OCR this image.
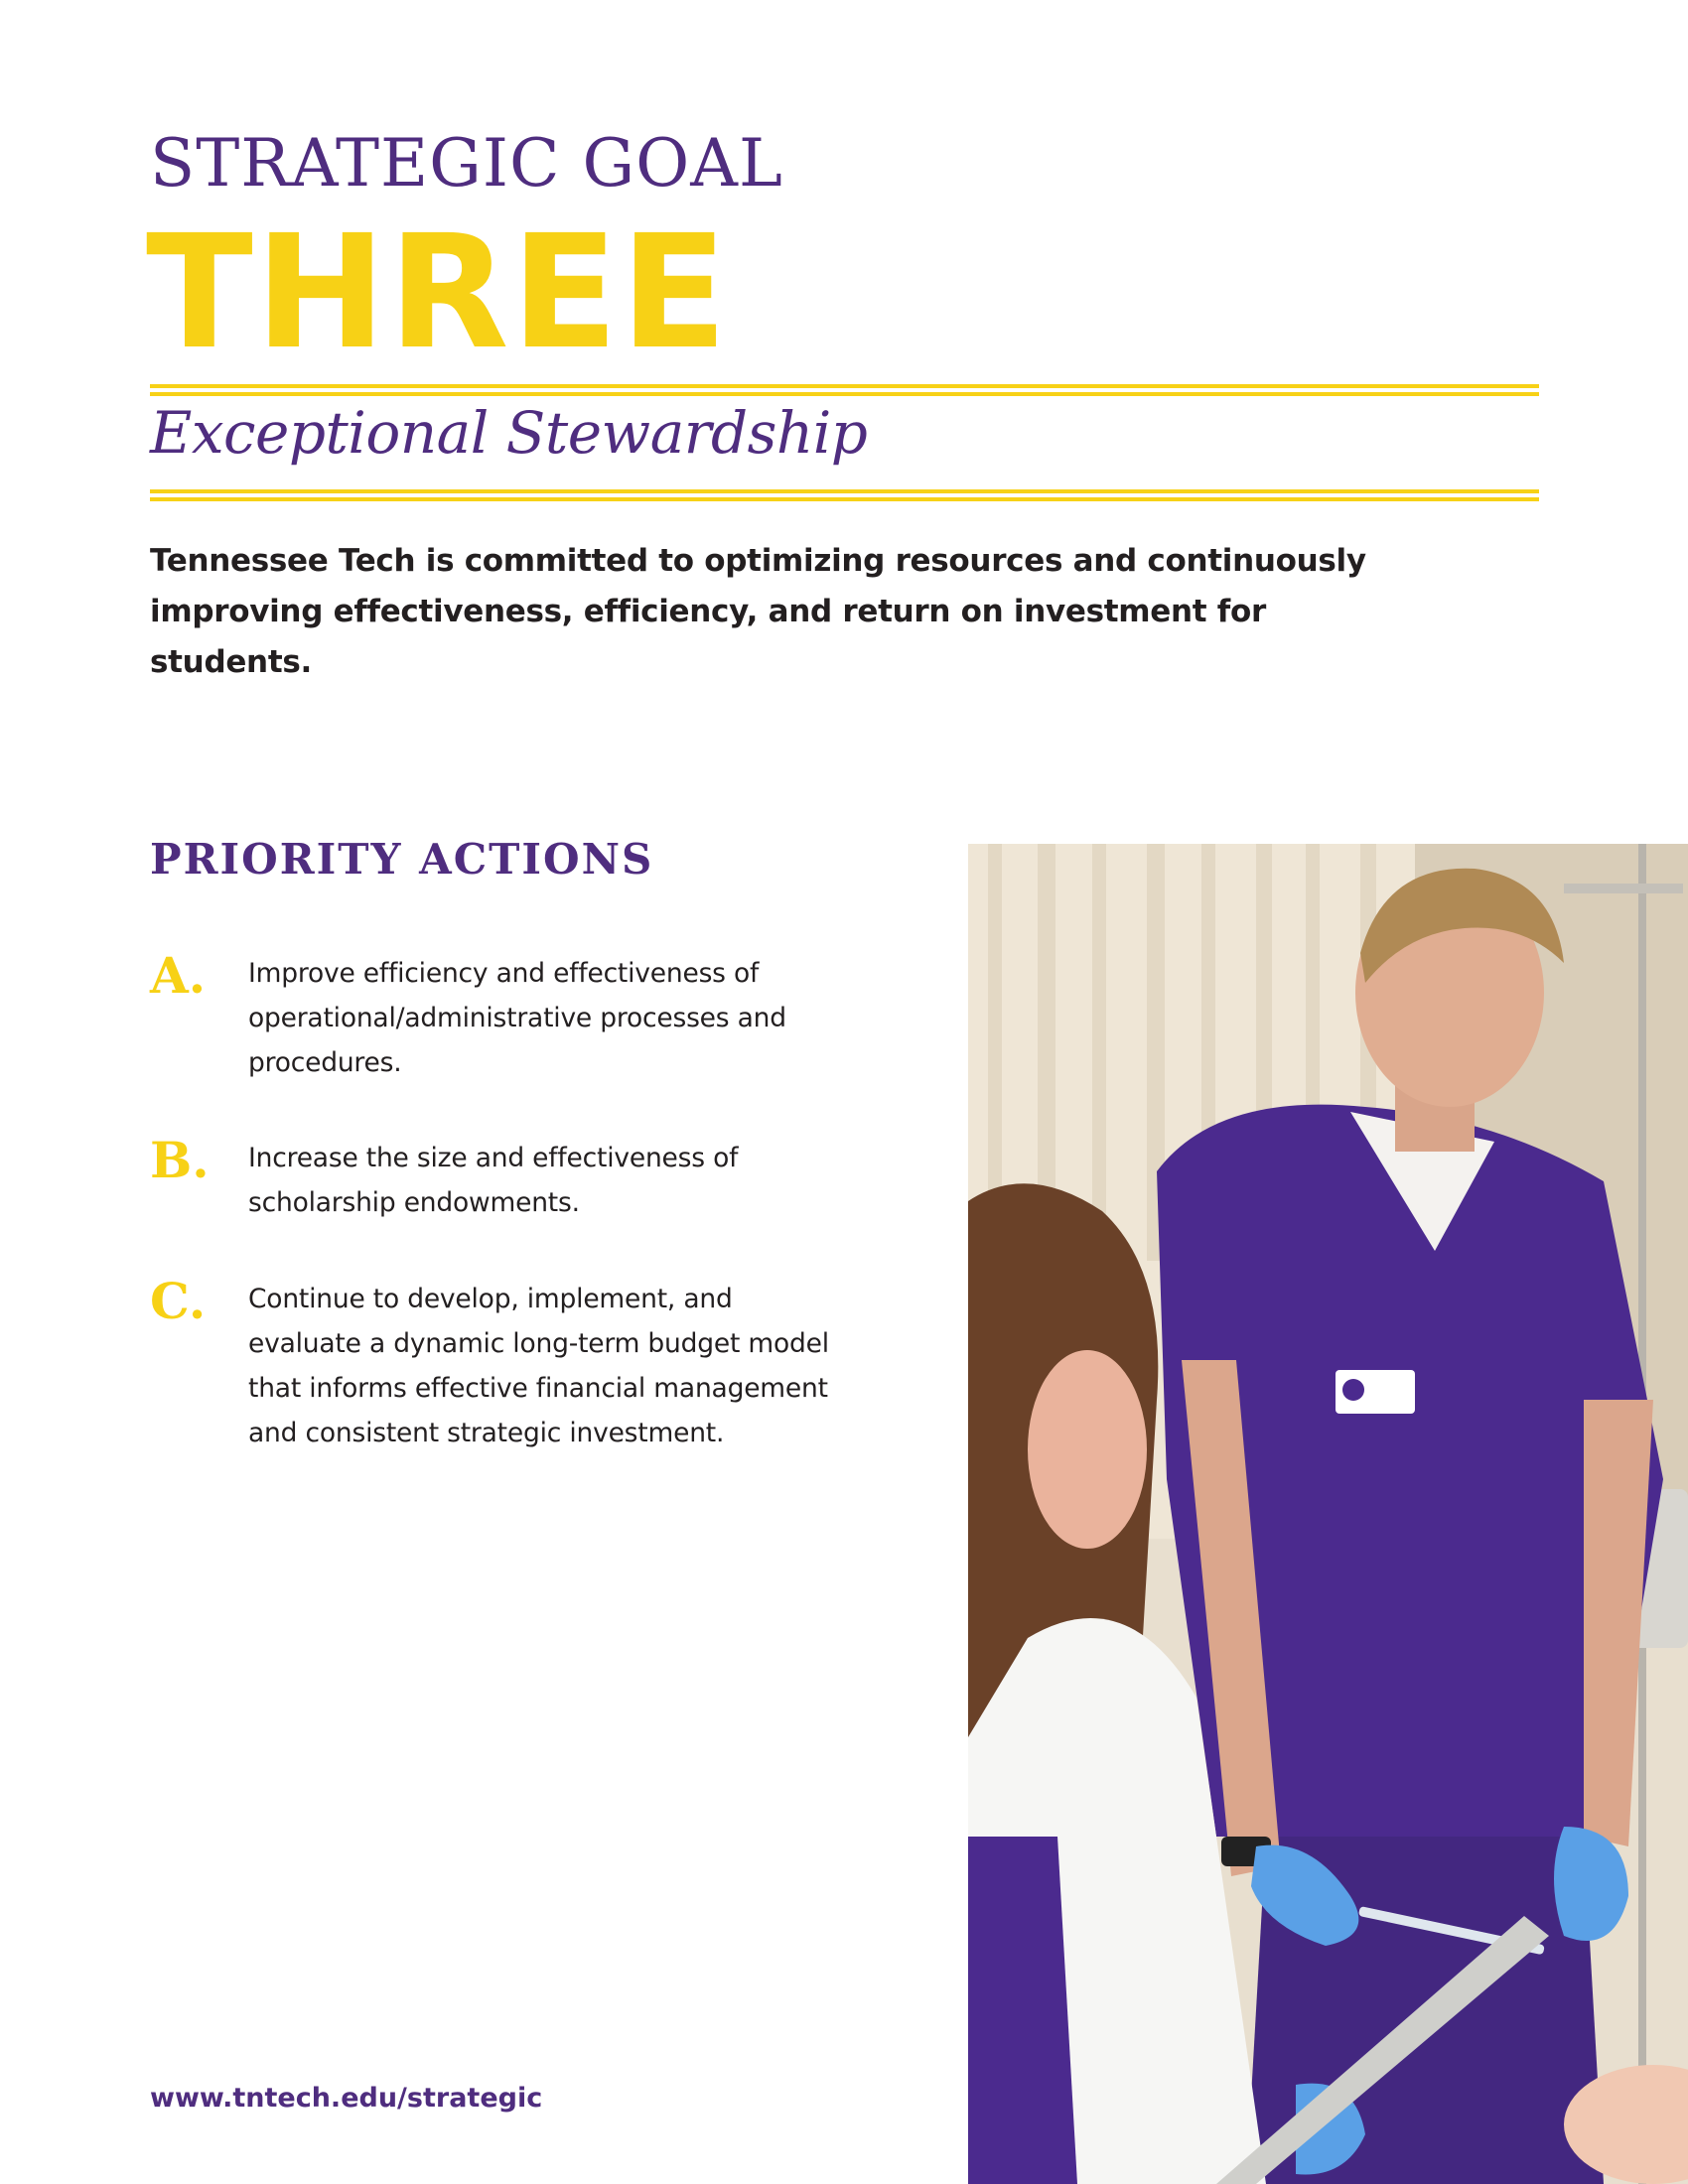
STRATEGIC GOAL
THREE
Exceptional Stewardship

Tennessee Tech is committed to optimizing resources and continuously improving effectiveness, efficiency, and return on investment for students.

PRIORITY ACTIONS
A. Improve efficiency and effectiveness of operational/administrative processes and procedures.
B. Increase the size and effectiveness of scholarship endowments.
C. Continue to develop, implement, and evaluate a dynamic long-term budget model that informs effective financial management and consistent strategic investment.
www.tntech.edu/strategic
